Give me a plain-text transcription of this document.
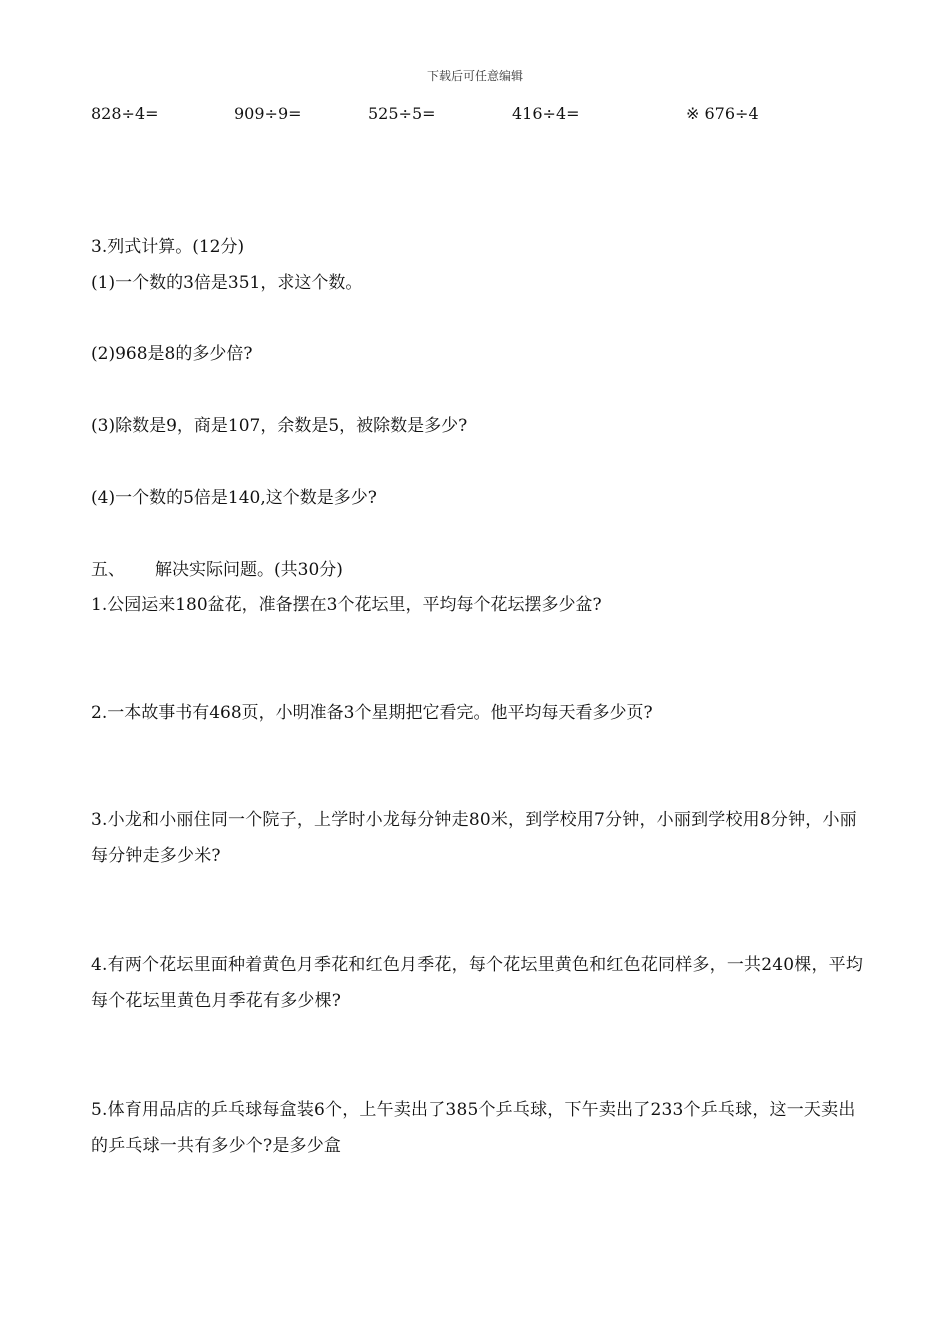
下载后可任意编辑
828÷4=	909÷9=	525÷5=	416÷4=	※ 676÷4
3.列式计算。(12分)
(1)一个数的3倍是351，求这个数。
(2)968是8的多少倍?
(3)除数是9，商是107，余数是5，被除数是多少?
(4)一个数的5倍是140,这个数是多少?
五、 解决实际问题。(共30分)
1.公园运来180盆花，准备摆在3个花坛里，平均每个花坛摆多少盆?
2.一本故事书有468页，小明准备3个星期把它看完。他平均每天看多少页?
3.小龙和小丽住同一个院子，上学时小龙每分钟走80米，到学校用7分钟，小丽到学校用8分钟，小丽每分钟走多少米?
4.有两个花坛里面种着黄色月季花和红色月季花，每个花坛里黄色和红色花同样多，一共240棵，平均每个花坛里黄色月季花有多少棵?
5.体育用品店的乒乓球每盒装6个，上午卖出了385个乒乓球，下午卖出了233个乒乓球，这一天卖出的乒乓球一共有多少个?是多少盒
